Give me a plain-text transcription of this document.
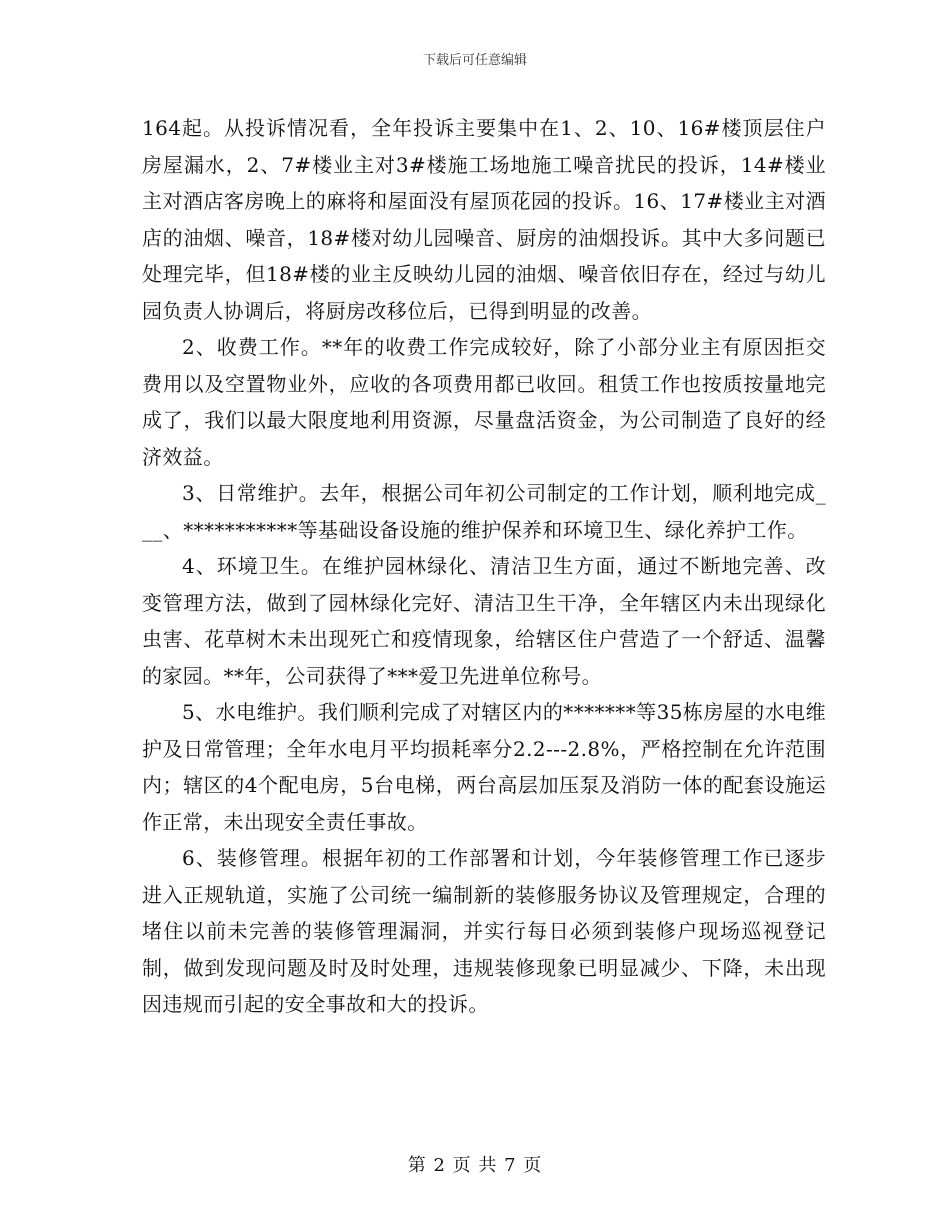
下载后可任意编辑

164起。从投诉情况看，全年投诉主要集中在1、2、10、16#楼顶层住户房屋漏水，2、7#楼业主对3#楼施工场地施工噪音扰民的投诉，14#楼业主对酒店客房晚上的麻将和屋面没有屋顶花园的投诉。16、17#楼业主对酒店的油烟、噪音，18#楼对幼儿园噪音、厨房的油烟投诉。其中大多问题已处理完毕，但18#楼的业主反映幼儿园的油烟、噪音依旧存在，经过与幼儿园负责人协调后，将厨房改移位后，已得到明显的改善。

2、收费工作。**年的收费工作完成较好，除了小部分业主有原因拒交费用以及空置物业外，应收的各项费用都已收回。租赁工作也按质按量地完成了，我们以最大限度地利用资源，尽量盘活资金，为公司制造了良好的经济效益。

3、日常维护。去年，根据公司年初公司制定的工作计划，顺利地完成___、***********等基础设备设施的维护保养和环境卫生、绿化养护工作。

4、环境卫生。在维护园林绿化、清洁卫生方面，通过不断地完善、改变管理方法，做到了园林绿化完好、清洁卫生干净，全年辖区内未出现绿化虫害、花草树木未出现死亡和疫情现象，给辖区住户营造了一个舒适、温馨的家园。**年，公司获得了***爱卫先进单位称号。

5、水电维护。我们顺利完成了对辖区内的*******等35栋房屋的水电维护及日常管理；全年水电月平均损耗率分2.2---2.8%，严格控制在允许范围内；辖区的4个配电房，5台电梯，两台高层加压泵及消防一体的配套设施运作正常，未出现安全责任事故。

6、装修管理。根据年初的工作部署和计划，今年装修管理工作已逐步进入正规轨道，实施了公司统一编制新的装修服务协议及管理规定，合理的堵住以前未完善的装修管理漏洞，并实行每日必须到装修户现场巡视登记制，做到发现问题及时及时处理，违规装修现象已明显减少、下降，未出现因违规而引起的安全事故和大的投诉。

第 2 页 共 7 页
